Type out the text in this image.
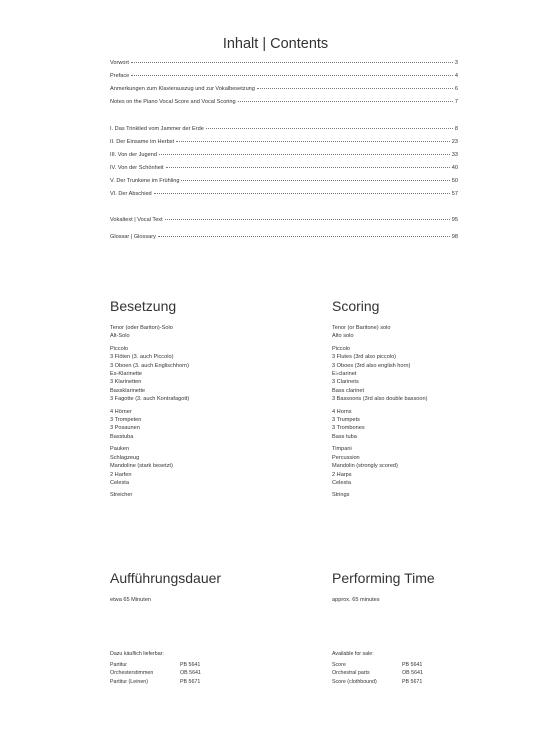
Inhalt | Contents
Vorwort	3
Preface	4
Anmerkungen zum Klavierauszug und zur Vokalbesetzung	6
Notes on the Piano Vocal Score and Vocal Scoring	7
I. Das Trinklied vom Jammer der Erde	8
II. Der Einsame im Herbst	23
III. Von der Jugend	33
IV. Von der Schönheit	40
V. Der Trunkene im Frühling	50
VI. Der Abschied	57
Vokaltext | Vocal Text	95
Glossar | Glossary	98
Besetzung
Tenor (oder Bariton)-Solo
Alt-Solo
Piccolo
3 Flöten (3. auch Piccolo)
3 Oboen (3. auch Englischhorn)
Es-Klarinette
3 Klarinetten
Bassklarinette
3 Fagotte (3. auch Kontrafagott)
4 Hörner
3 Trompeten
3 Posaunen
Basstuba
Pauken
Schlagzeug
Mandoline (stark besetzt)
2 Harfen
Celesta
Streicher
Scoring
Tenor (or Baritone) solo
Alto solo
Piccolo
3 Flutes (3rd also piccolo)
3 Oboes (3rd also english horn)
E♭clarinet
3 Clarinets
Bass clarinet
3 Bassoons (3rd also double bassoon)
4 Horns
3 Trumpets
3 Trombones
Bass tuba
Timpani
Percussion
Mandolin (strongly scored)
2 Harps
Celesta
Strings
Aufführungsdauer
etwa 65 Minuten
Performing Time
approx. 65 minutes
Dazu käuflich lieferbar:
Partitur	PB 5641
Orchesterstimmen	OB 5641
Partitur (Leinen)	PB 5671
Available for sale:
Score	PB 5641
Orchestral parts	OB 5641
Score (clothbound)	PB 5671
